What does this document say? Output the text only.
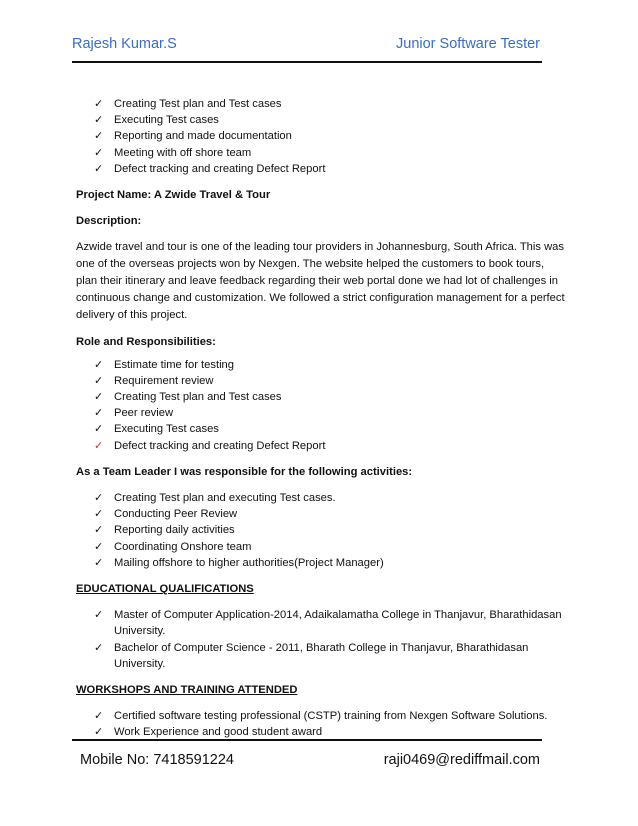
Rajesh Kumar.S	Junior Software Tester
✓ Creating Test plan and Test cases
✓ Executing Test cases
✓ Reporting and made documentation
✓ Meeting with off shore team
✓ Defect tracking and creating Defect Report

Project Name: A Zwide Travel & Tour

Description:

Azwide travel and tour is one of the leading tour providers in Johannesburg, South Africa. This was one of the overseas projects won by Nexgen. The website helped the customers to book tours, plan their itinerary and leave feedback regarding their web portal done we had lot of challenges in continuous change and customization. We followed a strict configuration management for a perfect delivery of this project.

Role and Responsibilities:

✓ Estimate time for testing
✓ Requirement review
✓ Creating Test plan and Test cases
✓ Peer review
✓ Executing Test cases
✓ Defect tracking and creating Defect Report

As a Team Leader I was responsible for the following activities:

✓ Creating Test plan and executing Test cases.
✓ Conducting Peer Review
✓ Reporting daily activities
✓ Coordinating Onshore team
✓ Mailing offshore to higher authorities(Project Manager)

EDUCATIONAL QUALIFICATIONS

✓ Master of Computer Application-2014, Adaikalamatha College in Thanjavur, Bharathidasan University.
✓ Bachelor of Computer Science - 2011, Bharath College in Thanjavur, Bharathidasan University.

WORKSHOPS AND TRAINING ATTENDED

✓ Certified software testing professional (CSTP) training from Nexgen Software Solutions.
✓ Work Experience and good student award
Mobile No: 7418591224	raji0469@rediffmail.com
